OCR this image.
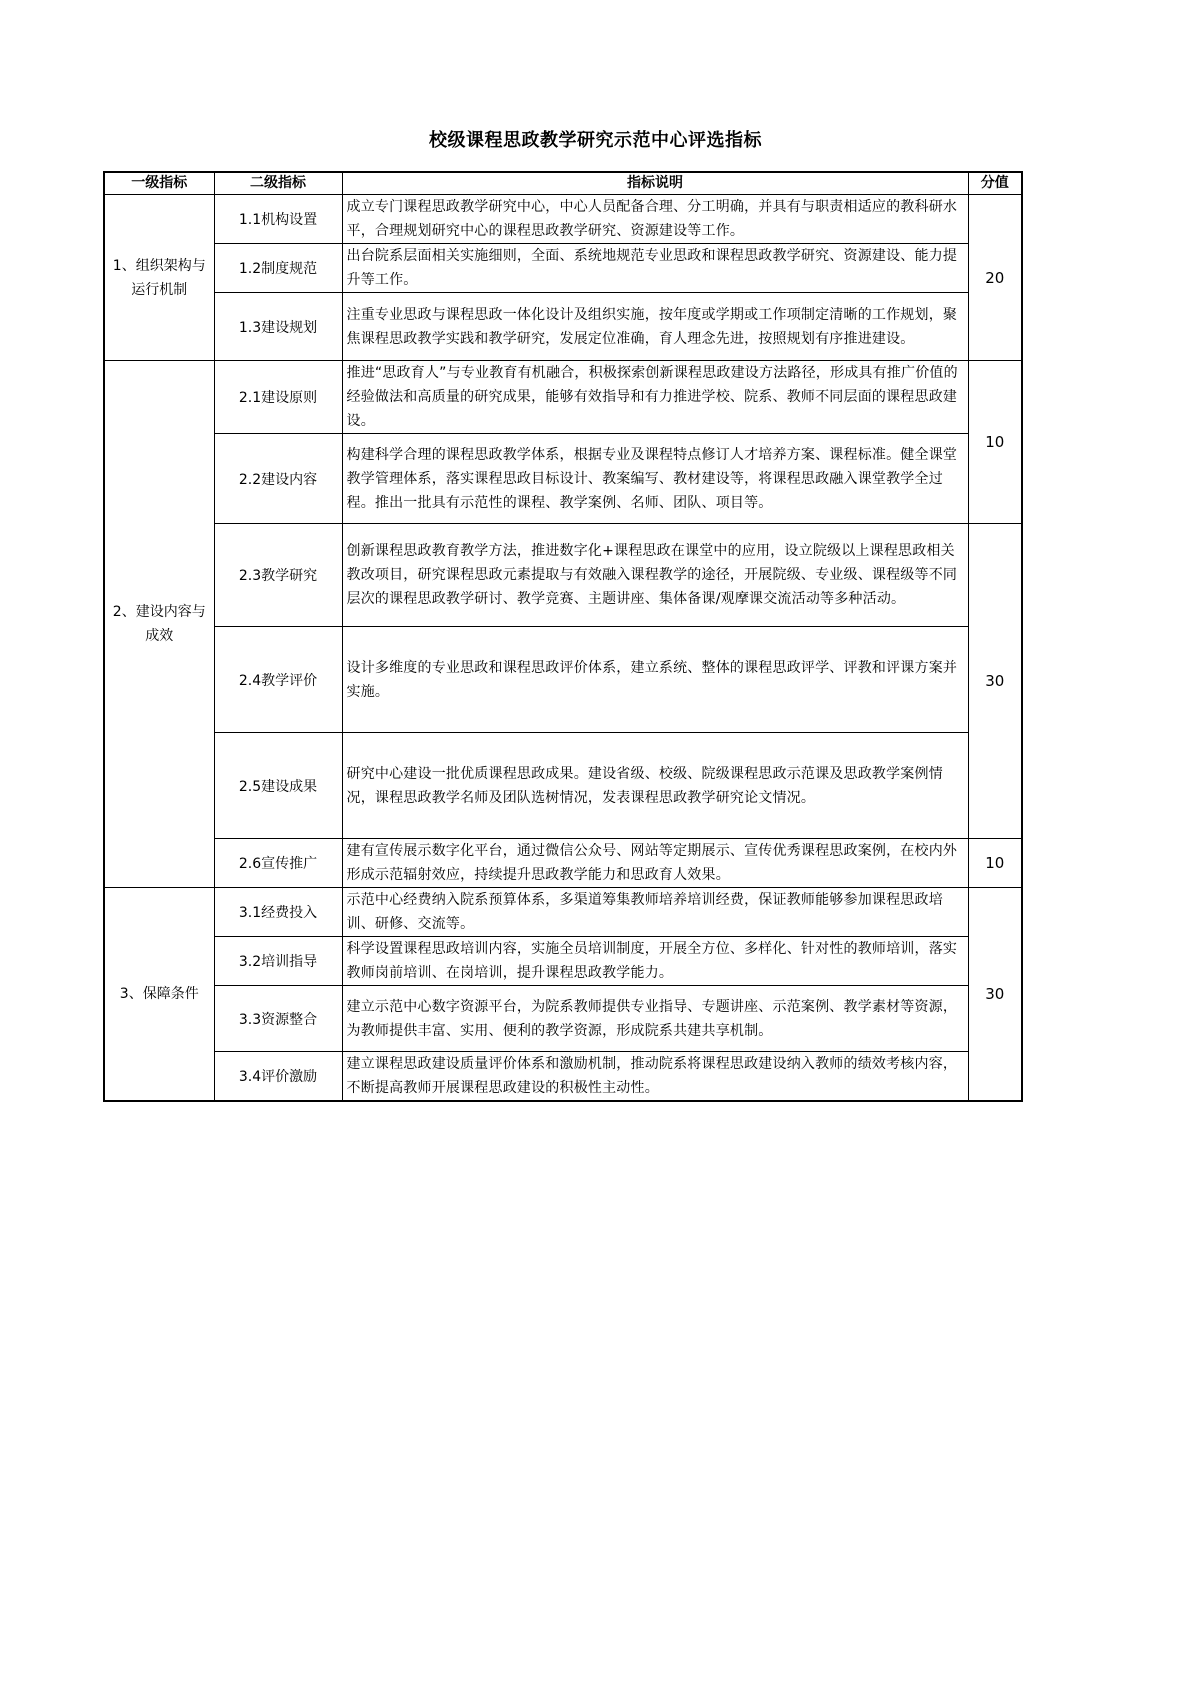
校级课程思政教学研究示范中心评选指标
一级指标	二级指标	指标说明	分值
1、组织架构与运行机制	1.1机构设置	成立专门课程思政教学研究中心，中心人员配备合理、分工明确，并具有与职责相适应的教科研水平，合理规划研究中心的课程思政教学研究、资源建设等工作。	20
	1.2制度规范	出台院系层面相关实施细则，全面、系统地规范专业思政和课程思政教学研究、资源建设、能力提升等工作。	
	1.3建设规划	注重专业思政与课程思政一体化设计及组织实施，按年度或学期或工作项制定清晰的工作规划，聚焦课程思政教学实践和教学研究，发展定位准确，育人理念先进，按照规划有序推进建设。	
2、建设内容与成效	2.1建设原则	推进“思政育人”与专业教育有机融合，积极探索创新课程思政建设方法路径，形成具有推广价值的经验做法和高质量的研究成果，能够有效指导和有力推进学校、院系、教师不同层面的课程思政建设。	10
	2.2建设内容	构建科学合理的课程思政教学体系，根据专业及课程特点修订人才培养方案、课程标准。健全课堂教学管理体系，落实课程思政目标设计、教案编写、教材建设等，将课程思政融入课堂教学全过程。推出一批具有示范性的课程、教学案例、名师、团队、项目等。	
	2.3教学研究	创新课程思政教育教学方法，推进数字化+课程思政在课堂中的应用，设立院级以上课程思政相关教改项目，研究课程思政元素提取与有效融入课程教学的途径，开展院级、专业级、课程级等不同层次的课程思政教学研讨、教学竞赛、主题讲座、集体备课/观摩课交流活动等多种活动。	30
	2.4教学评价	设计多维度的专业思政和课程思政评价体系，建立系统、整体的课程思政评学、评教和评课方案并实施。	
	2.5建设成果	研究中心建设一批优质课程思政成果。建设省级、校级、院级课程思政示范课及思政教学案例情况，课程思政教学名师及团队选树情况，发表课程思政教学研究论文情况。	
	2.6宣传推广	建有宣传展示数字化平台，通过微信公众号、网站等定期展示、宣传优秀课程思政案例，在校内外形成示范辐射效应，持续提升思政教学能力和思政育人效果。	10
3、保障条件	3.1经费投入	示范中心经费纳入院系预算体系，多渠道筹集教师培养培训经费，保证教师能够参加课程思政培训、研修、交流等。	30
	3.2培训指导	科学设置课程思政培训内容，实施全员培训制度，开展全方位、多样化、针对性的教师培训，落实教师岗前培训、在岗培训，提升课程思政教学能力。	
	3.3资源整合	建立示范中心数字资源平台，为院系教师提供专业指导、专题讲座、示范案例、教学素材等资源，为教师提供丰富、实用、便利的教学资源，形成院系共建共享机制。	
	3.4评价激励	建立课程思政建设质量评价体系和激励机制，推动院系将课程思政建设纳入教师的绩效考核内容，不断提高教师开展课程思政建设的积极性主动性。	
